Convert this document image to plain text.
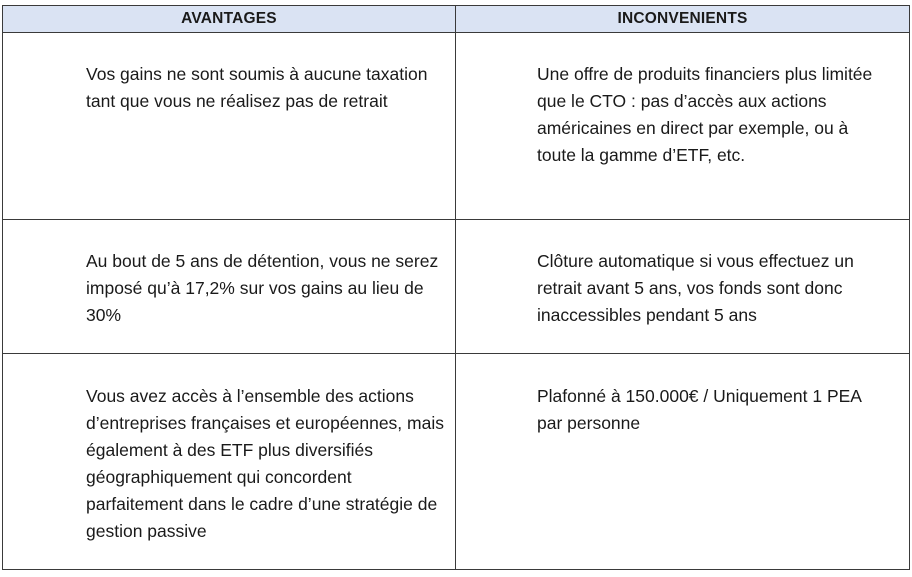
AVANTAGES	INCONVENIENTS

Vos gains ne sont soumis à aucune taxation tant que vous ne réalisez pas de retrait	Une offre de produits financiers plus limitée que le CTO : pas d’accès aux actions américaines en direct par exemple, ou à toute la gamme d’ETF, etc.

Au bout de 5 ans de détention, vous ne serez imposé qu’à 17,2% sur vos gains au lieu de 30%	Clôture automatique si vous effectuez un retrait avant 5 ans, vos fonds sont donc inaccessibles pendant 5 ans

Vous avez accès à l’ensemble des actions d’entreprises françaises et européennes, mais également à des ETF plus diversifiés géographiquement qui concordent parfaitement dans le cadre d’une stratégie de gestion passive	Plafonné à 150.000€ / Uniquement 1 PEA par personne
